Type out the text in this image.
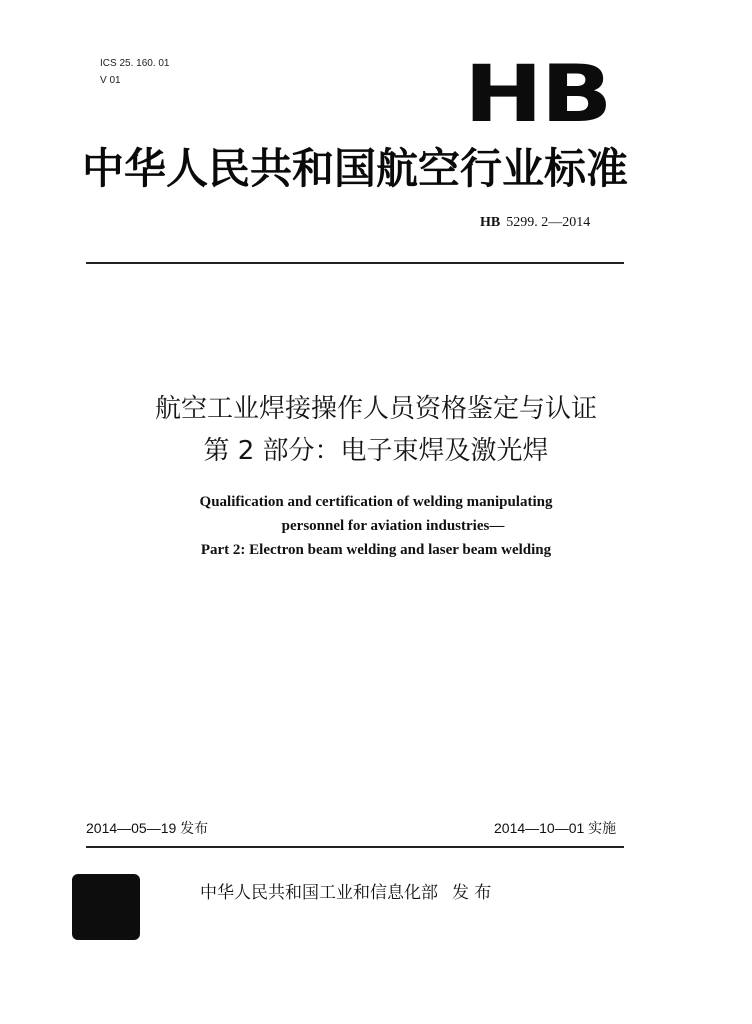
ICS 25. 160. 01
V 01	HB
中华人民共和国航空行业标准
HB 5299. 2—2014
航空工业焊接操作人员资格鉴定与认证
第 2 部分：电子束焊及激光焊
Qualification and certification of welding manipulating
personnel for aviation industries—
Part 2: Electron beam welding and laser beam welding
2014—05—19 发布	2014—10—01 实施
中华人民共和国工业和信息化部 发 布
